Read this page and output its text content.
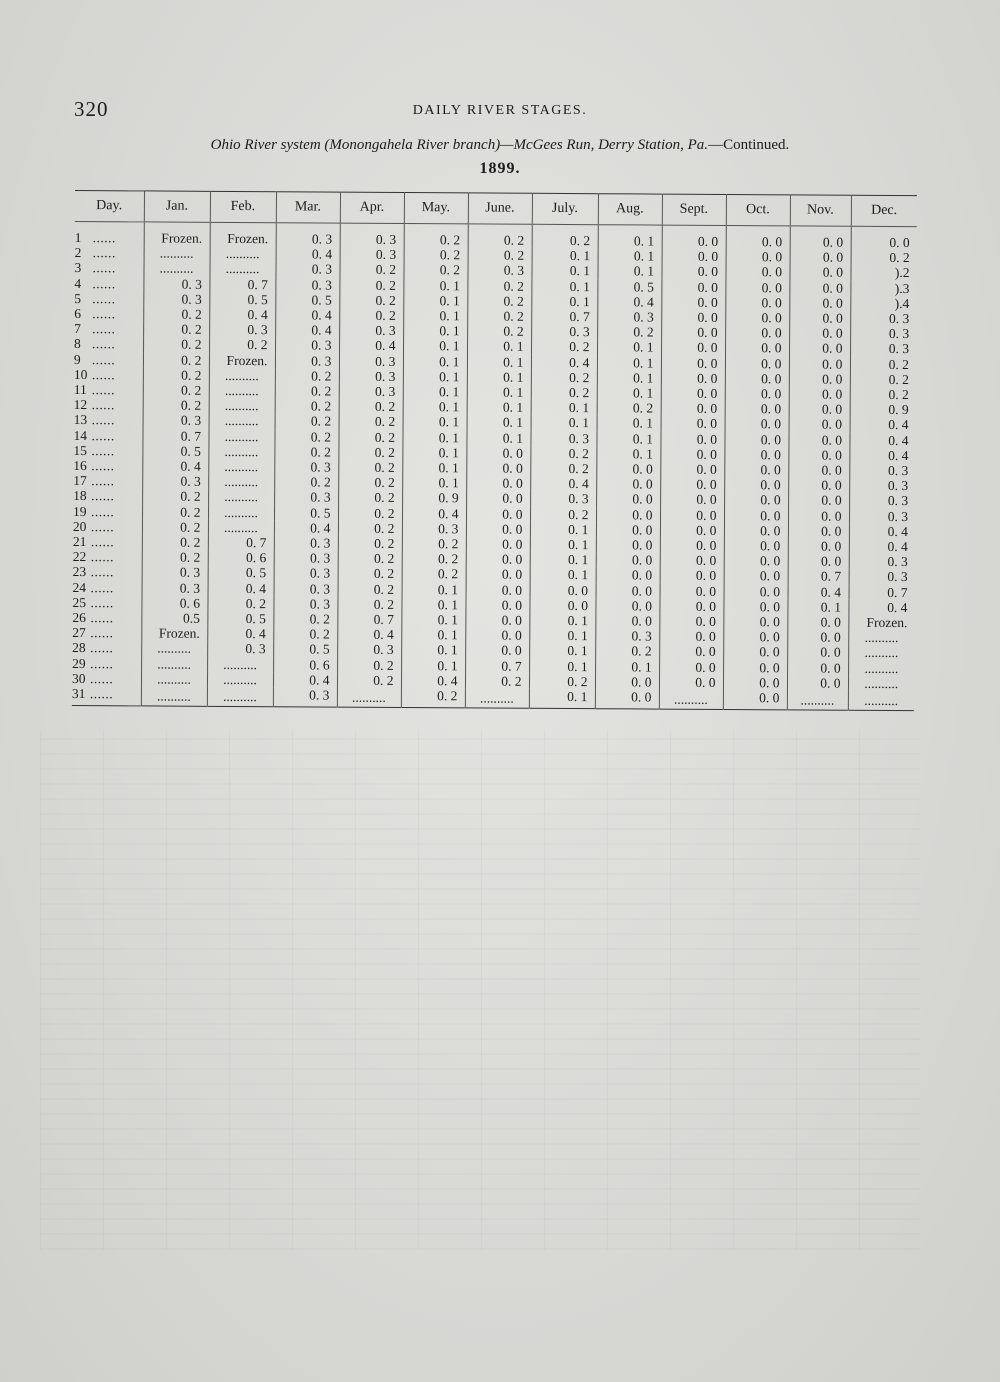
320	DAILY RIVER STAGES.
Ohio River system (Monongahela River branch)—McGees Run, Derry Station, Pa.—Continued.
1899.
Day.	Jan.	Feb.	Mar.	Apr.	May.	June.	July.	Aug.	Sept.	Oct.	Nov.	Dec.
1 ......	Frozen.	Frozen.	0. 3	0. 3	0. 2	0. 2	0. 2	0. 1	0. 0	0. 0	0. 0	0. 0
2 ......	..........	..........	0. 4	0. 3	0. 2	0. 2	0. 1	0. 1	0. 0	0. 0	0. 0	0. 2
3 ......	..........	..........	0. 3	0. 2	0. 2	0. 3	0. 1	0. 1	0. 0	0. 0	0. 0	).2
4 ......	0. 3	0. 7	0. 3	0. 2	0. 1	0. 2	0. 1	0. 5	0. 0	0. 0	0. 0	).3
5 ......	0. 3	0. 5	0. 5	0. 2	0. 1	0. 2	0. 1	0. 4	0. 0	0. 0	0. 0	).4
6 ......	0. 2	0. 4	0. 4	0. 2	0. 1	0. 2	0. 7	0. 3	0. 0	0. 0	0. 0	0. 3
7 ......	0. 2	0. 3	0. 4	0. 3	0. 1	0. 2	0. 3	0. 2	0. 0	0. 0	0. 0	0. 3
8 ......	0. 2	0. 2	0. 3	0. 4	0. 1	0. 1	0. 2	0. 1	0. 0	0. 0	0. 0	0. 3
9 ......	0. 2	Frozen.	0. 3	0. 3	0. 1	0. 1	0. 4	0. 1	0. 0	0. 0	0. 0	0. 2
10 ......	0. 2	..........	0. 2	0. 3	0. 1	0. 1	0. 2	0. 1	0. 0	0. 0	0. 0	0. 2
11 ......	0. 2	..........	0. 2	0. 3	0. 1	0. 1	0. 2	0. 1	0. 0	0. 0	0. 0	0. 2
12 ......	0. 2	..........	0. 2	0. 2	0. 1	0. 1	0. 1	0. 2	0. 0	0. 0	0. 0	0. 9
13 ......	0. 3	..........	0. 2	0. 2	0. 1	0. 1	0. 1	0. 1	0. 0	0. 0	0. 0	0. 4
14 ......	0. 7	..........	0. 2	0. 2	0. 1	0. 1	0. 3	0. 1	0. 0	0. 0	0. 0	0. 4
15 ......	0. 5	..........	0. 2	0. 2	0. 1	0. 0	0. 2	0. 1	0. 0	0. 0	0. 0	0. 4
16 ......	0. 4	..........	0. 3	0. 2	0. 1	0. 0	0. 2	0. 0	0. 0	0. 0	0. 0	0. 3
17 ......	0. 3	..........	0. 2	0. 2	0. 1	0. 0	0. 4	0. 0	0. 0	0. 0	0. 0	0. 3
18 ......	0. 2	..........	0. 3	0. 2	0. 9	0. 0	0. 3	0. 0	0. 0	0. 0	0. 0	0. 3
19 ......	0. 2	..........	0. 5	0. 2	0. 4	0. 0	0. 2	0. 0	0. 0	0. 0	0. 0	0. 3
20 ......	0. 2	..........	0. 4	0. 2	0. 3	0. 0	0. 1	0. 0	0. 0	0. 0	0. 0	0. 4
21 ......	0. 2	0. 7	0. 3	0. 2	0. 2	0. 0	0. 1	0. 0	0. 0	0. 0	0. 0	0. 4
22 ......	0. 2	0. 6	0. 3	0. 2	0. 2	0. 0	0. 1	0. 0	0. 0	0. 0	0. 0	0. 3
23 ......	0. 3	0. 5	0. 3	0. 2	0. 2	0. 0	0. 1	0. 0	0. 0	0. 0	0. 7	0. 3
24 ......	0. 3	0. 4	0. 3	0. 2	0. 1	0. 0	0. 0	0. 0	0. 0	0. 0	0. 4	0. 7
25 ......	0. 6	0. 2	0. 3	0. 2	0. 1	0. 0	0. 0	0. 0	0. 0	0. 0	0. 1	0. 4
26 ......	0.5	0. 5	0. 2	0. 7	0. 1	0. 0	0. 1	0. 0	0. 0	0. 0	0. 0	Frozen.
27 ......	Frozen.	0. 4	0. 2	0. 4	0. 1	0. 0	0. 1	0. 3	0. 0	0. 0	0. 0	..........
28 ......	..........	0. 3	0. 5	0. 3	0. 1	0. 0	0. 1	0. 2	0. 0	0. 0	0. 0	..........
29 ......	..........	..........	0. 6	0. 2	0. 1	0. 7	0. 1	0. 1	0. 0	0. 0	0. 0	..........
30 ......	..........	..........	0. 4	0. 2	0. 4	0. 2	0. 2	0. 0	0. 0	0. 0	0. 0	..........
31 ......	..........	..........	0. 3	..........	0. 2	..........	0. 1	0. 0	..........	0. 0	..........	..........
